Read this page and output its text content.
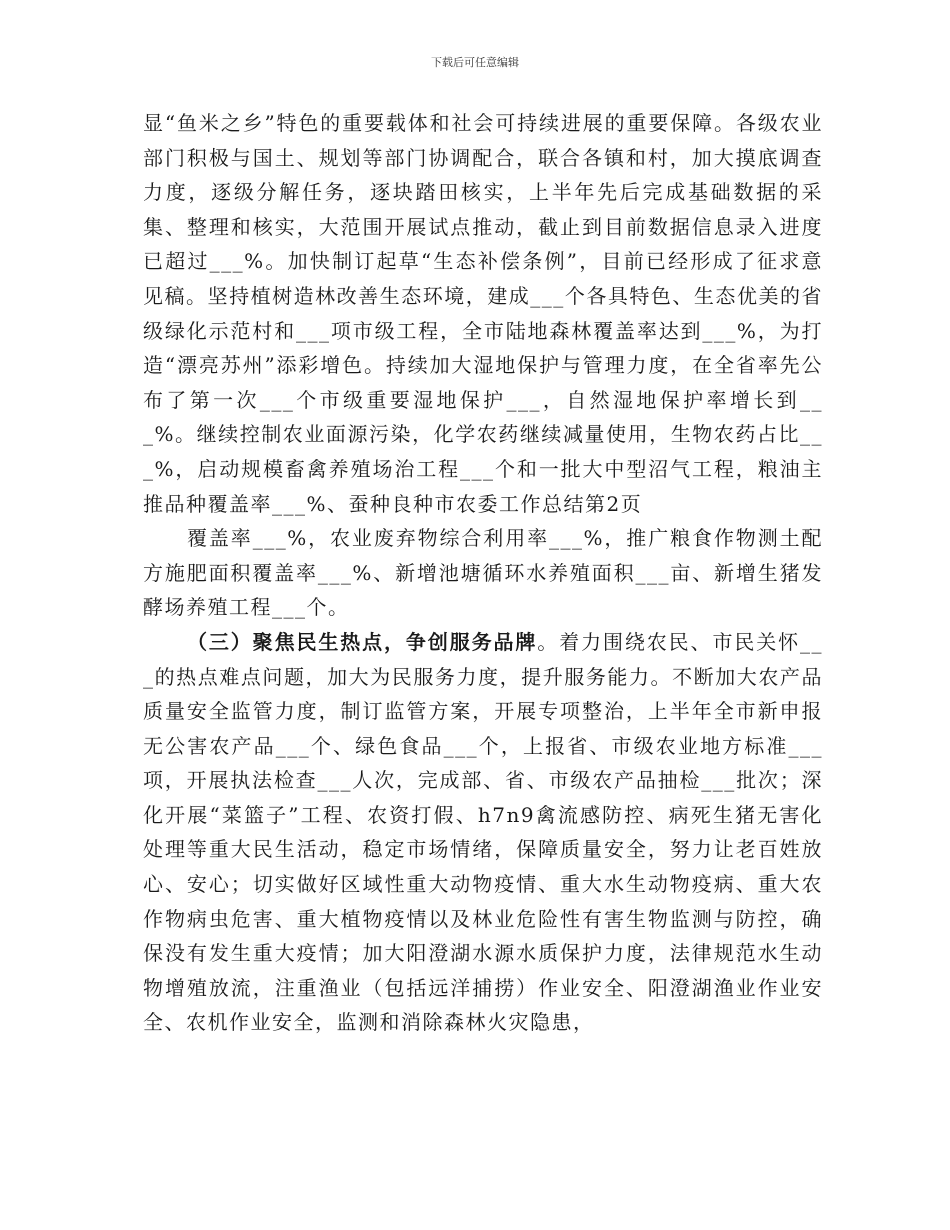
下载后可任意编辑

显“鱼米之乡”特色的重要载体和社会可持续进展的重要保障。各级农业部门积极与国土、规划等部门协调配合，联合各镇和村，加大摸底调查力度，逐级分解任务，逐块踏田核实，上半年先后完成基础数据的采集、整理和核实，大范围开展试点推动，截止到目前数据信息录入进度已超过___%。加快制订起草“生态补偿条例”，目前已经形成了征求意见稿。坚持植树造林改善生态环境，建成___个各具特色、生态优美的省级绿化示范村和___项市级工程，全市陆地森林覆盖率达到___%，为打造“漂亮苏州”添彩增色。持续加大湿地保护与管理力度，在全省率先公布了第一次___个市级重要湿地保护___，自然湿地保护率增长到___%。继续控制农业面源污染，化学农药继续减量使用，生物农药占比___%，启动规模畜禽养殖场治工程___个和一批大中型沼气工程，粮油主推品种覆盖率___%、蚕种良种市农委工作总结第2页

覆盖率___%，农业废弃物综合利用率___%，推广粮食作物测土配方施肥面积覆盖率___%、新增池塘循环水养殖面积___亩、新增生猪发酵场养殖工程___个。

（三）聚焦民生热点，争创服务品牌。着力围绕农民、市民关怀___的热点难点问题，加大为民服务力度，提升服务能力。不断加大农产品质量安全监管力度，制订监管方案，开展专项整治，上半年全市新申报无公害农产品___个、绿色食品___个，上报省、市级农业地方标准___项，开展执法检查___人次，完成部、省、市级农产品抽检___批次；深化开展“菜篮子”工程、农资打假、h7n9禽流感防控、病死生猪无害化处理等重大民生活动，稳定市场情绪，保障质量安全，努力让老百姓放心、安心；切实做好区域性重大动物疫情、重大水生动物疫病、重大农作物病虫危害、重大植物疫情以及林业危险性有害生物监测与防控，确保没有发生重大疫情；加大阳澄湖水源水质保护力度，法律规范水生动物增殖放流，注重渔业（包括远洋捕捞）作业安全、阳澄湖渔业作业安全、农机作业安全，监测和消除森林火灾隐患，
